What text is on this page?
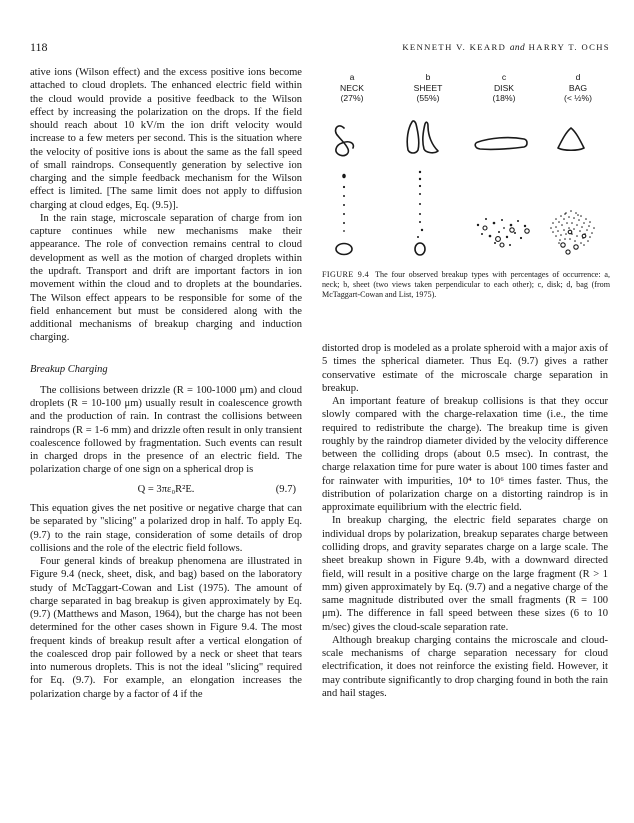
118	KENNETH V. KEARD and HARRY T. OCHS

ative ions (Wilson effect) and the excess positive ions become attached to cloud droplets. The enhanced electric field within the cloud would provide a positive feedback to the Wilson effect by increasing the polarization on the drops. If the field should reach about 10 kV/m the ion drift velocity would increase to a few meters per second. This is the situation where the velocity of positive ions is about the same as the fall speed of small raindrops. Consequently generation by selective ion charging and the simple feedback mechanism for the Wilson effect is limited. [The same limit does not apply to diffusion charging at cloud edges, Eq. (9.5)].

In the rain stage, microscale separation of charge from ion capture continues while new mechanisms make their appearance. The role of convection remains central to cloud development as well as the motion of charged droplets within the updraft. Transport and drift are important factors in ion movement within the cloud and to droplets at the boundaries. The Wilson effect appears to be responsible for some of the field enhancement but must be considered along with the additional mechanisms of breakup charging and induction charging.

Breakup Charging

The collisions between drizzle (R = 100-1000 μm) and cloud droplets (R = 10-100 μm) usually result in coalescence growth and the production of rain. In contrast the collisions between raindrops (R = 1-6 mm) and drizzle often result in only transient coalescence followed by fragmentation. Such events can result in charged drops in the presence of an electric field. The polarization charge of one sign on a spherical drop is

Q = 3πε₀R²E.	(9.7)

This equation gives the net positive or negative charge that can be separated by "slicing" a polarized drop in half. To apply Eq. (9.7) to the rain stage, consideration of some details of drop collisions and the role of the electric field follows.

Four general kinds of breakup phenomena are illustrated in Figure 9.4 (neck, sheet, disk, and bag) based on the laboratory study of McTaggart-Cowan and List (1975). The amount of charge separated in bag breakup is given approximately by Eq. (9.7) (Matthews and Mason, 1964), but the charge has not been determined for the other cases shown in Figure 9.4. The most frequent kinds of breakup result after a vertical elongation of the coalesced drop pair followed by a neck or sheet that tears into numerous droplets. This is not the ideal "slicing" required for Eq. (9.7). For example, an elongation increases the polarization charge by a factor of 4 if the

a
NECK
(27%)
b
SHEET
(55%)
c
DISK
(18%)
d
BAG
(< ½%)
FIGURE 9.4 The four observed breakup types with percentages of occurrence: a, neck; b, sheet (two views taken perpendicular to each other); c, disk; d, bag (from McTaggart-Cowan and List, 1975).

distorted drop is modeled as a prolate spheroid with a major axis of 5 times the spherical diameter. Thus Eq. (9.7) gives a rather conservative estimate of the microscale charge separation in breakup.

An important feature of breakup collisions is that they occur slowly compared with the charge-relaxation time (i.e., the time required to redistribute the charge). The breakup time is given roughly by the raindrop diameter divided by the velocity difference between the colliding drops (about 0.5 msec). In contrast, the charge relaxation time for pure water is about 100 times faster and for rainwater with impurities, 10⁴ to 10⁶ times faster. Thus, the distribution of polarization charge on a distorting raindrop is in approximate equilibrium with the electric field.

In breakup charging, the electric field separates charge on individual drops by polarization, breakup separates charge between colliding drops, and gravity separates charge on a large scale. The sheet breakup shown in Figure 9.4b, with a downward directed field, will result in a positive charge on the large fragment (R > 1 mm) given approximately by Eq. (9.7) and a negative charge of the same magnitude distributed over the small fragments (R = 100 μm). The difference in fall speed between these sizes (6 to 10 m/sec) gives the cloud-scale separation rate.

Although breakup charging contains the microscale and cloud-scale mechanisms of charge separation necessary for cloud electrification, it does not reinforce the existing field. However, it may contribute significantly to drop charging found in both the rain and hail stages.
